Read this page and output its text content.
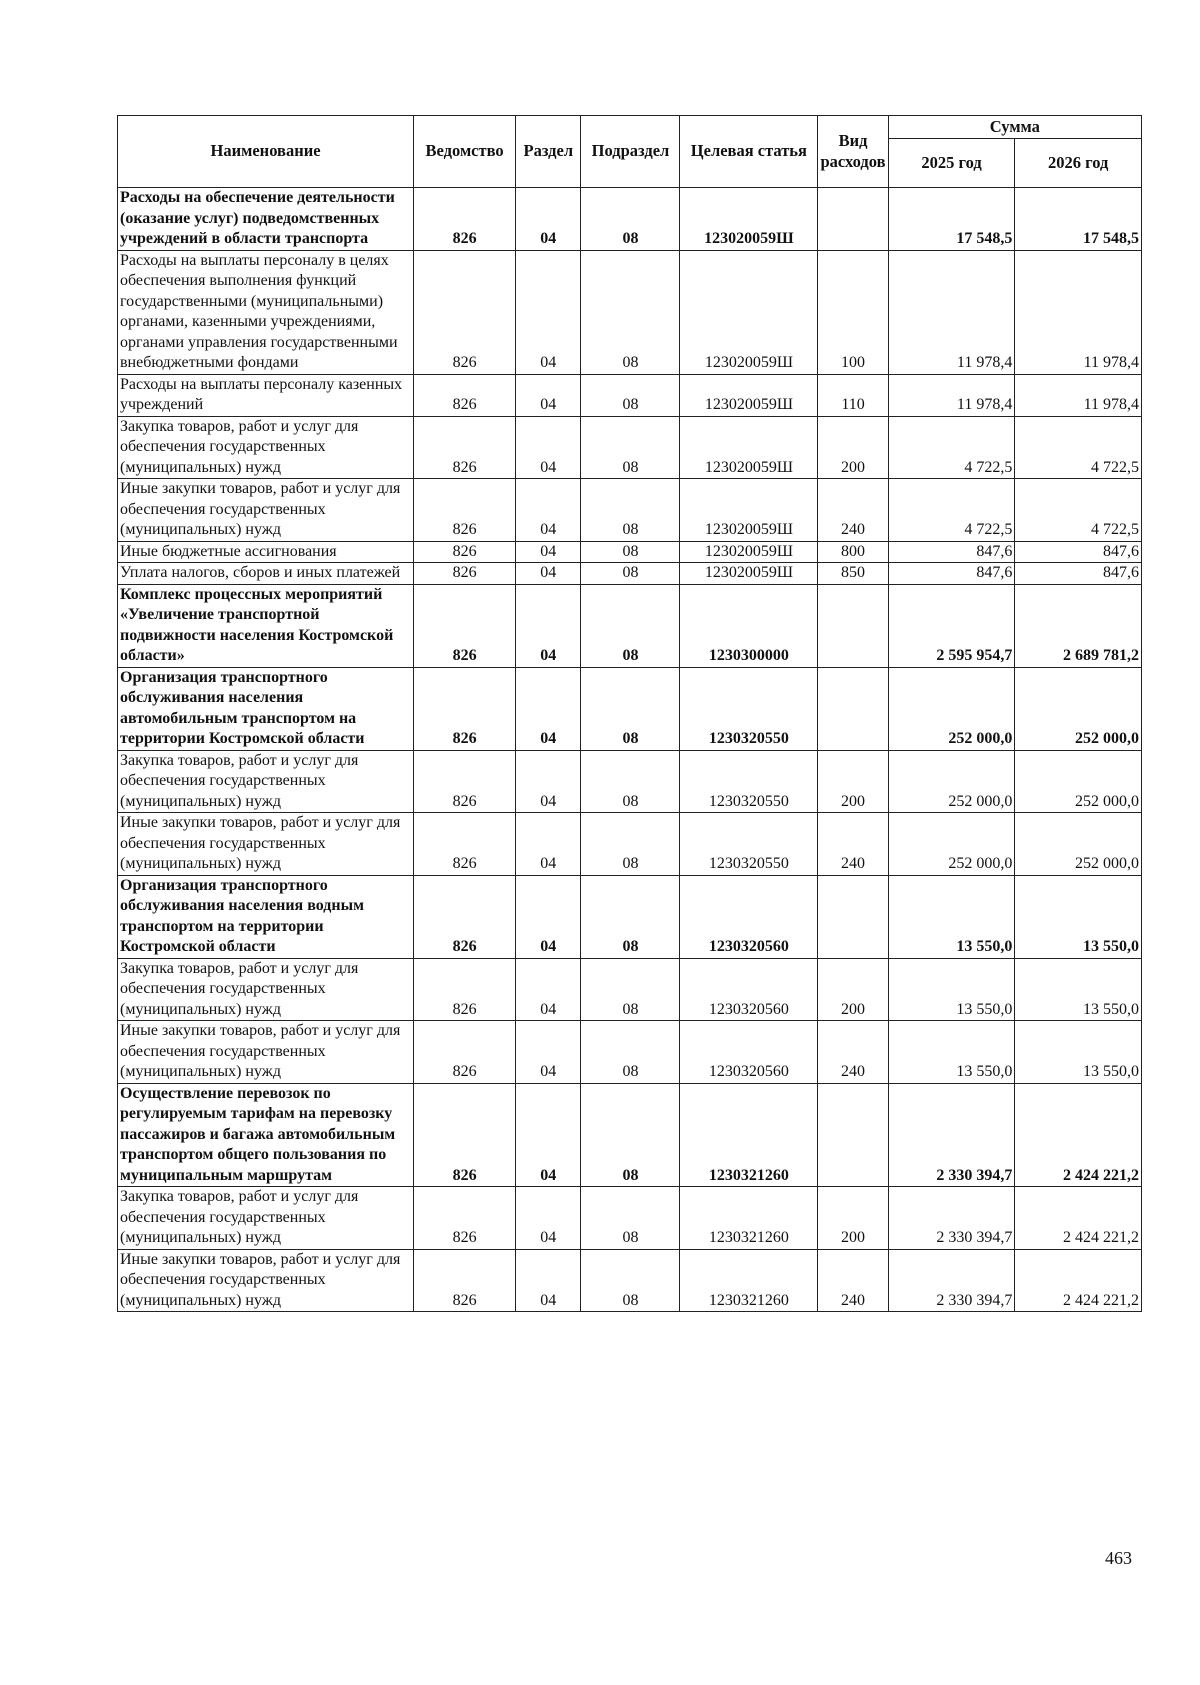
Наименование	Ведомство	Раздел	Подраздел	Целевая статья	Вид расходов	Сумма	
						2025 год	2026 год
Расходы на обеспечение деятельности (оказание услуг) подведомственных учреждений в области транспорта	826	04	08	123020059Ш		17 548,5	17 548,5
Расходы на выплаты персоналу в целях обеспечения выполнения функций государственными (муниципальными) органами, казенными учреждениями, органами управления государственными внебюджетными фондами	826	04	08	123020059Ш	100	11 978,4	11 978,4
Расходы на выплаты персоналу казенных учреждений	826	04	08	123020059Ш	110	11 978,4	11 978,4
Закупка товаров, работ и услуг для обеспечения государственных (муниципальных) нужд	826	04	08	123020059Ш	200	4 722,5	4 722,5
Иные закупки товаров, работ и услуг для обеспечения государственных (муниципальных) нужд	826	04	08	123020059Ш	240	4 722,5	4 722,5
Иные бюджетные ассигнования	826	04	08	123020059Ш	800	847,6	847,6
Уплата налогов, сборов и иных платежей	826	04	08	123020059Ш	850	847,6	847,6
Комплекс процессных мероприятий «Увеличение транспортной подвижности населения Костромской области»	826	04	08	1230300000		2 595 954,7	2 689 781,2
Организация транспортного обслуживания населения автомобильным транспортом на территории Костромской области	826	04	08	1230320550		252 000,0	252 000,0
Закупка товаров, работ и услуг для обеспечения государственных (муниципальных) нужд	826	04	08	1230320550	200	252 000,0	252 000,0
Иные закупки товаров, работ и услуг для обеспечения государственных (муниципальных) нужд	826	04	08	1230320550	240	252 000,0	252 000,0
Организация транспортного обслуживания населения водным транспортом на территории Костромской области	826	04	08	1230320560		13 550,0	13 550,0
Закупка товаров, работ и услуг для обеспечения государственных (муниципальных) нужд	826	04	08	1230320560	200	13 550,0	13 550,0
Иные закупки товаров, работ и услуг для обеспечения государственных (муниципальных) нужд	826	04	08	1230320560	240	13 550,0	13 550,0
Осуществление перевозок по регулируемым тарифам на перевозку пассажиров и багажа автомобильным транспортом общего пользования по муниципальным маршрутам	826	04	08	1230321260		2 330 394,7	2 424 221,2
Закупка товаров, работ и услуг для обеспечения государственных (муниципальных) нужд	826	04	08	1230321260	200	2 330 394,7	2 424 221,2
Иные закупки товаров, работ и услуг для обеспечения государственных (муниципальных) нужд	826	04	08	1230321260	240	2 330 394,7	2 424 221,2
463
